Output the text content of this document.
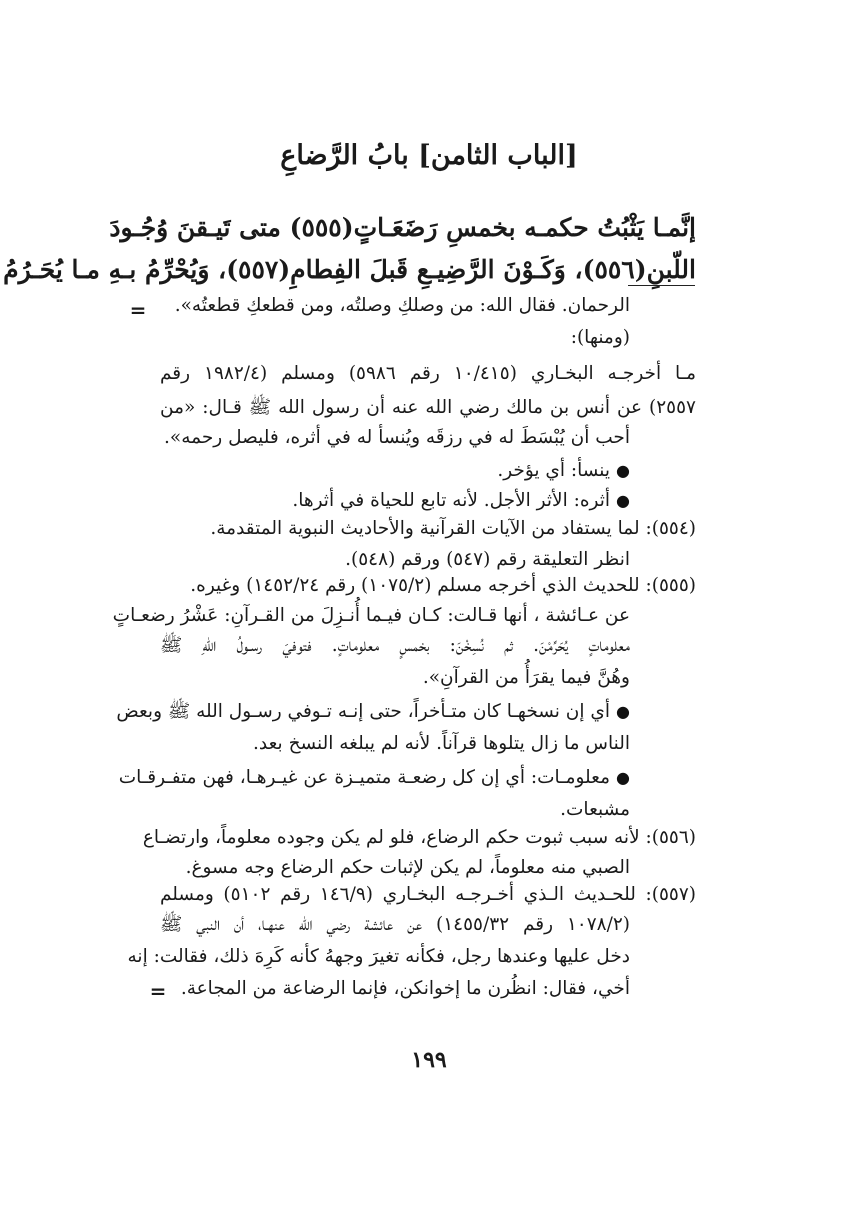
[الباب الثامن] بابُ الرَّضاعِ
إنَّمـا يَثْبُتُ حكمـه بخمسِ رَضَعَـاتٍ(٥٥٥) متى تَيـقنَ وُجُـودَ
اللّبنِ(٥٥٦)، وَكَـوْنَ الرَّضِيـعِ قَبلَ الفِطامِ(٥٥٧)، وَيُحْرِّمُ بـهِ مـا يُحَـرُمُ
= الرحمان. فقال الله: من وصلكِ وصلتُه، ومن قطعكِ قطعتُه».
(ومنها):
مـا أخرجـه البخـاري (١٠/٤١٥ رقم ٥٩٨٦) ومسلم (١٩٨٢/٤ رقم
٢٥٥٧) عن أنس بن مالك رضي الله عنه أن رسول الله ﷺ قـال: «من
أحب أن يُبْسَطَ له في رزقَه ويُنسأ له في أثره، فليصل رحمه».
●ينسأ: أي يؤخر.
●أثره: الأثر الأجل. لأنه تابع للحياة في أثرها.
(٥٥٤): لما يستفاد من الآيات القرآنية والأحاديث النبوية المتقدمة.
انظر التعليقة رقم (٥٤٧) ورقم (٥٤٨).
(٥٥٥): للحديث الذي أخرجه مسلم (١٠٧٥/٢) رقم ١٤٥٢/٢٤) وغيره.
عن عـائشة ، أنها قـالت: كـان فيـما أُنـزِلَ من القـرآنِ: عَشْرُ رضعـاتٍ
معلوماتٍ يُحَرِّمْنَ. ثم نُسِخْنَ: بخمسٍ معلوماتٍ. فتوفيَ رسـولُ اللهِ ﷺ
وهُنَّ فيما يقرَأُ من القرآنِ».
●أي إن نسخهـا كان متـأخراً، حتى إنـه تـوفي رسـول الله ﷺ وبعض
الناس ما زال يتلوها قرآناً. لأنه لم يبلغه النسخ بعد.
●معلومـات: أي إن كل رضعـة متميـزة عن غيـرهـا، فهن متفـرقـات
مشبعات.
(٥٥٦): لأنه سبب ثبوت حكم الرضاع، فلو لم يكن وجوده معلوماً، وارتضـاع
الصبي منه معلوماً، لم يكن لإثبات حكم الرضاع وجه مسوغ.
(٥٥٧): للحـديث الـذي أخـرجـه البخـاري (١٤٦/٩ رقم ٥١٠٢) ومسلم
(١٠٧٨/٢ رقم ١٤٥٥/٣٢) عن عائشة رضي الله عنهـا، أن النبي ﷺ
دخل عليها وعندها رجل، فكأنه تغيرَ وجههُ كأنه كَرِهَ ذلك، فقالت: إنه
أخي، فقال: انظُرن ما إخوانكن، فإنما الرضاعة من المجاعة.
=
١٩٩
